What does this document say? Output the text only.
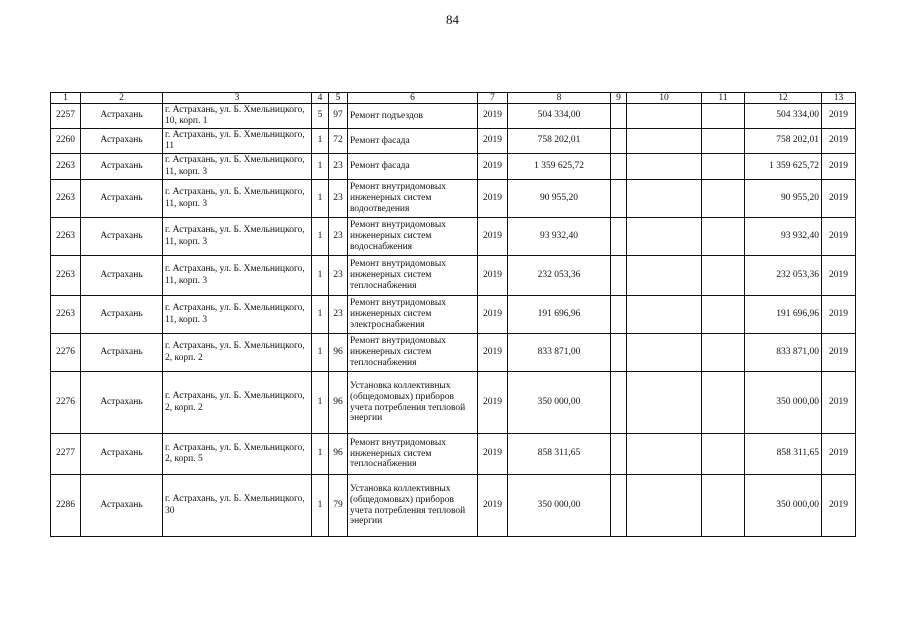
84
1	2	3	4	5	6	7	8	9	10	11	12	13
2257	Астрахань	г. Астрахань, ул. Б. Хмельницкого, 10, корп. 1	5	97	Ремонт подъездов	2019	504 334,00				504 334,00	2019
2260	Астрахань	г. Астрахань, ул. Б. Хмельницкого, 11	1	72	Ремонт фасада	2019	758 202,01				758 202,01	2019
2263	Астрахань	г. Астрахань, ул. Б. Хмельницкого, 11, корп. 3	1	23	Ремонт фасада	2019	1 359 625,72				1 359 625,72	2019
2263	Астрахань	г. Астрахань, ул. Б. Хмельницкого, 11, корп. 3	1	23	Ремонт внутридомовых инженерных систем водоотведения	2019	90 955,20				90 955,20	2019
2263	Астрахань	г. Астрахань, ул. Б. Хмельницкого, 11, корп. 3	1	23	Ремонт внутридомовых инженерных систем водоснабжения	2019	93 932,40				93 932,40	2019
2263	Астрахань	г. Астрахань, ул. Б. Хмельницкого, 11, корп. 3	1	23	Ремонт внутридомовых инженерных систем теплоснабжения	2019	232 053,36				232 053,36	2019
2263	Астрахань	г. Астрахань, ул. Б. Хмельницкого, 11, корп. 3	1	23	Ремонт внутридомовых инженерных систем электроснабжения	2019	191 696,96				191 696,96	2019
2276	Астрахань	г. Астрахань, ул. Б. Хмельницкого, 2, корп. 2	1	96	Ремонт внутридомовых инженерных систем теплоснабжения	2019	833 871,00				833 871,00	2019
2276	Астрахань	г. Астрахань, ул. Б. Хмельницкого, 2, корп. 2	1	96	Установка коллективных (общедомовых) приборов учета потребления тепловой энергии	2019	350 000,00				350 000,00	2019
2277	Астрахань	г. Астрахань, ул. Б. Хмельницкого, 2, корп. 5	1	96	Ремонт внутридомовых инженерных систем теплоснабжения	2019	858 311,65				858 311,65	2019
2286	Астрахань	г. Астрахань, ул. Б. Хмельницкого, 30	1	79	Установка коллективных (общедомовых) приборов учета потребления тепловой энергии	2019	350 000,00				350 000,00	2019
